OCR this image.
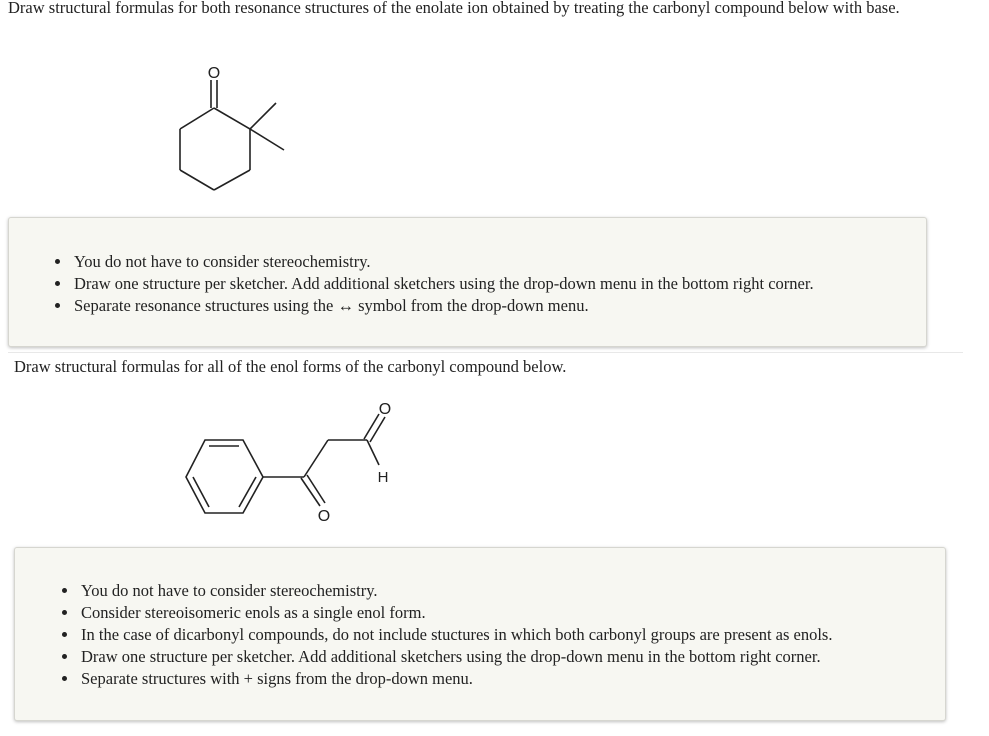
Draw structural formulas for both resonance structures of the enolate ion obtained by treating the carbonyl compound below with base.
O
• You do not have to consider stereochemistry.
• Draw one structure per sketcher. Add additional sketchers using the drop-down menu in the bottom right corner.
• Separate resonance structures using the ↔ symbol from the drop-down menu.
Draw structural formulas for all of the enol forms of the carbonyl compound below.
O
H
O
• You do not have to consider stereochemistry.
• Consider stereoisomeric enols as a single enol form.
• In the case of dicarbonyl compounds, do not include stuctures in which both carbonyl groups are present as enols.
• Draw one structure per sketcher. Add additional sketchers using the drop-down menu in the bottom right corner.
• Separate structures with + signs from the drop-down menu.
